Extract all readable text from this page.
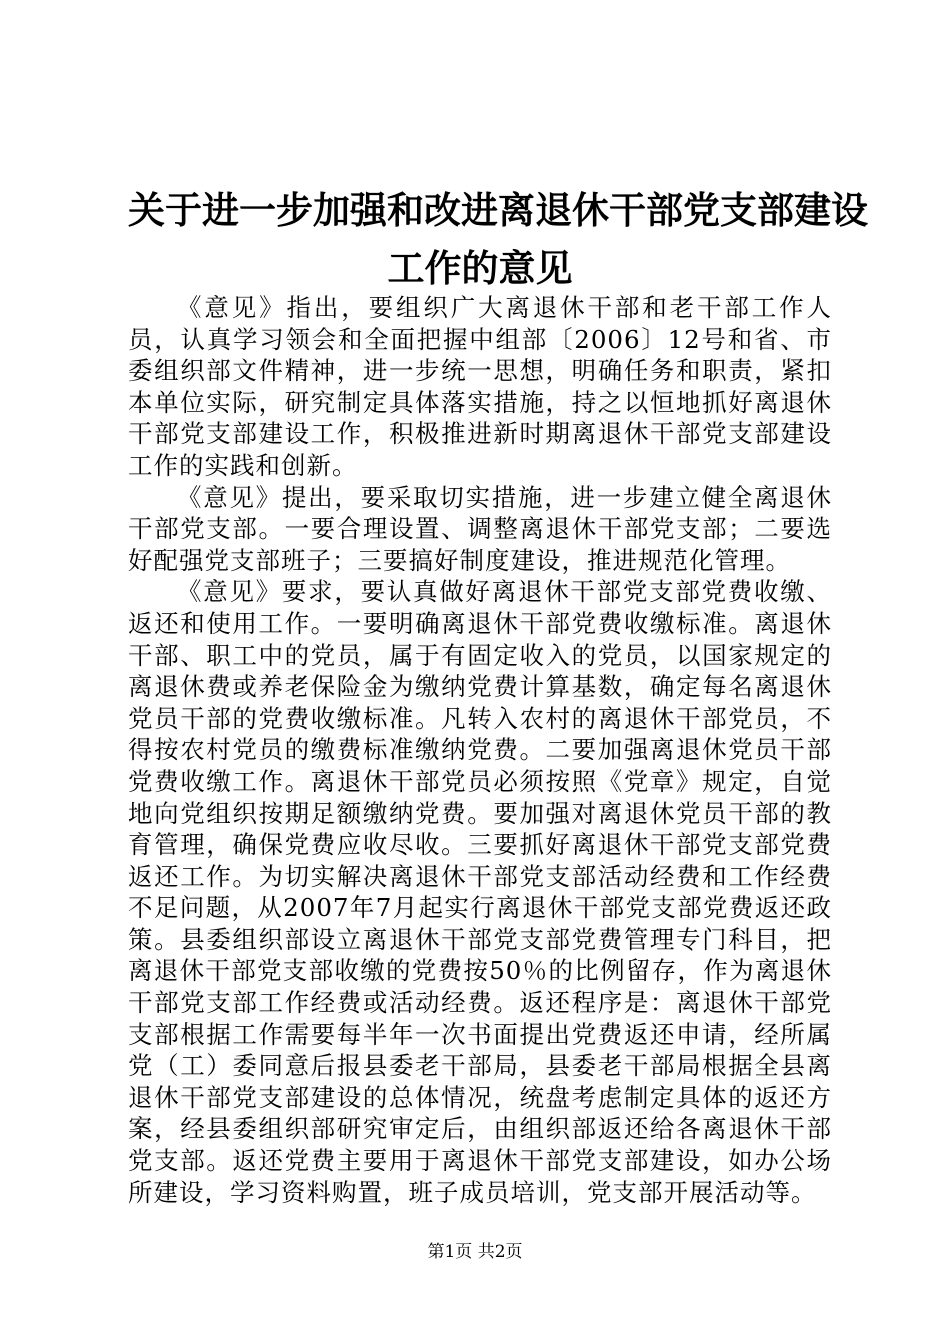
关于进一步加强和改进离退休干部党支部建设
工作的意见

《意见》指出，要组织广大离退休干部和老干部工作人员，认真学习领会和全面把握中组部〔2006〕12号和省、市委组织部文件精神，进一步统一思想，明确任务和职责，紧扣本单位实际，研究制定具体落实措施，持之以恒地抓好离退休干部党支部建设工作，积极推进新时期离退休干部党支部建设工作的实践和创新。

《意见》提出，要采取切实措施，进一步建立健全离退休干部党支部。一要合理设置、调整离退休干部党支部；二要选好配强党支部班子；三要搞好制度建设，推进规范化管理。

《意见》要求，要认真做好离退休干部党支部党费收缴、返还和使用工作。一要明确离退休干部党费收缴标准。离退休干部、职工中的党员，属于有固定收入的党员，以国家规定的离退休费或养老保险金为缴纳党费计算基数，确定每名离退休党员干部的党费收缴标准。凡转入农村的离退休干部党员，不得按农村党员的缴费标准缴纳党费。二要加强离退休党员干部党费收缴工作。离退休干部党员必须按照《党章》规定，自觉地向党组织按期足额缴纳党费。要加强对离退休党员干部的教育管理，确保党费应收尽收。三要抓好离退休干部党支部党费返还工作。为切实解决离退休干部党支部活动经费和工作经费不足问题，从2007年7月起实行离退休干部党支部党费返还政策。县委组织部设立离退休干部党支部党费管理专门科目，把离退休干部党支部收缴的党费按50％的比例留存，作为离退休干部党支部工作经费或活动经费。返还程序是：离退休干部党支部根据工作需要每半年一次书面提出党费返还申请，经所属党（工）委同意后报县委老干部局，县委老干部局根据全县离退休干部党支部建设的总体情况，统盘考虑制定具体的返还方案，经县委组织部研究审定后，由组织部返还给各离退休干部党支部。返还党费主要用于离退休干部党支部建设，如办公场所建设，学习资料购置，班子成员培训，党支部开展活动等。

第1页 共2页
